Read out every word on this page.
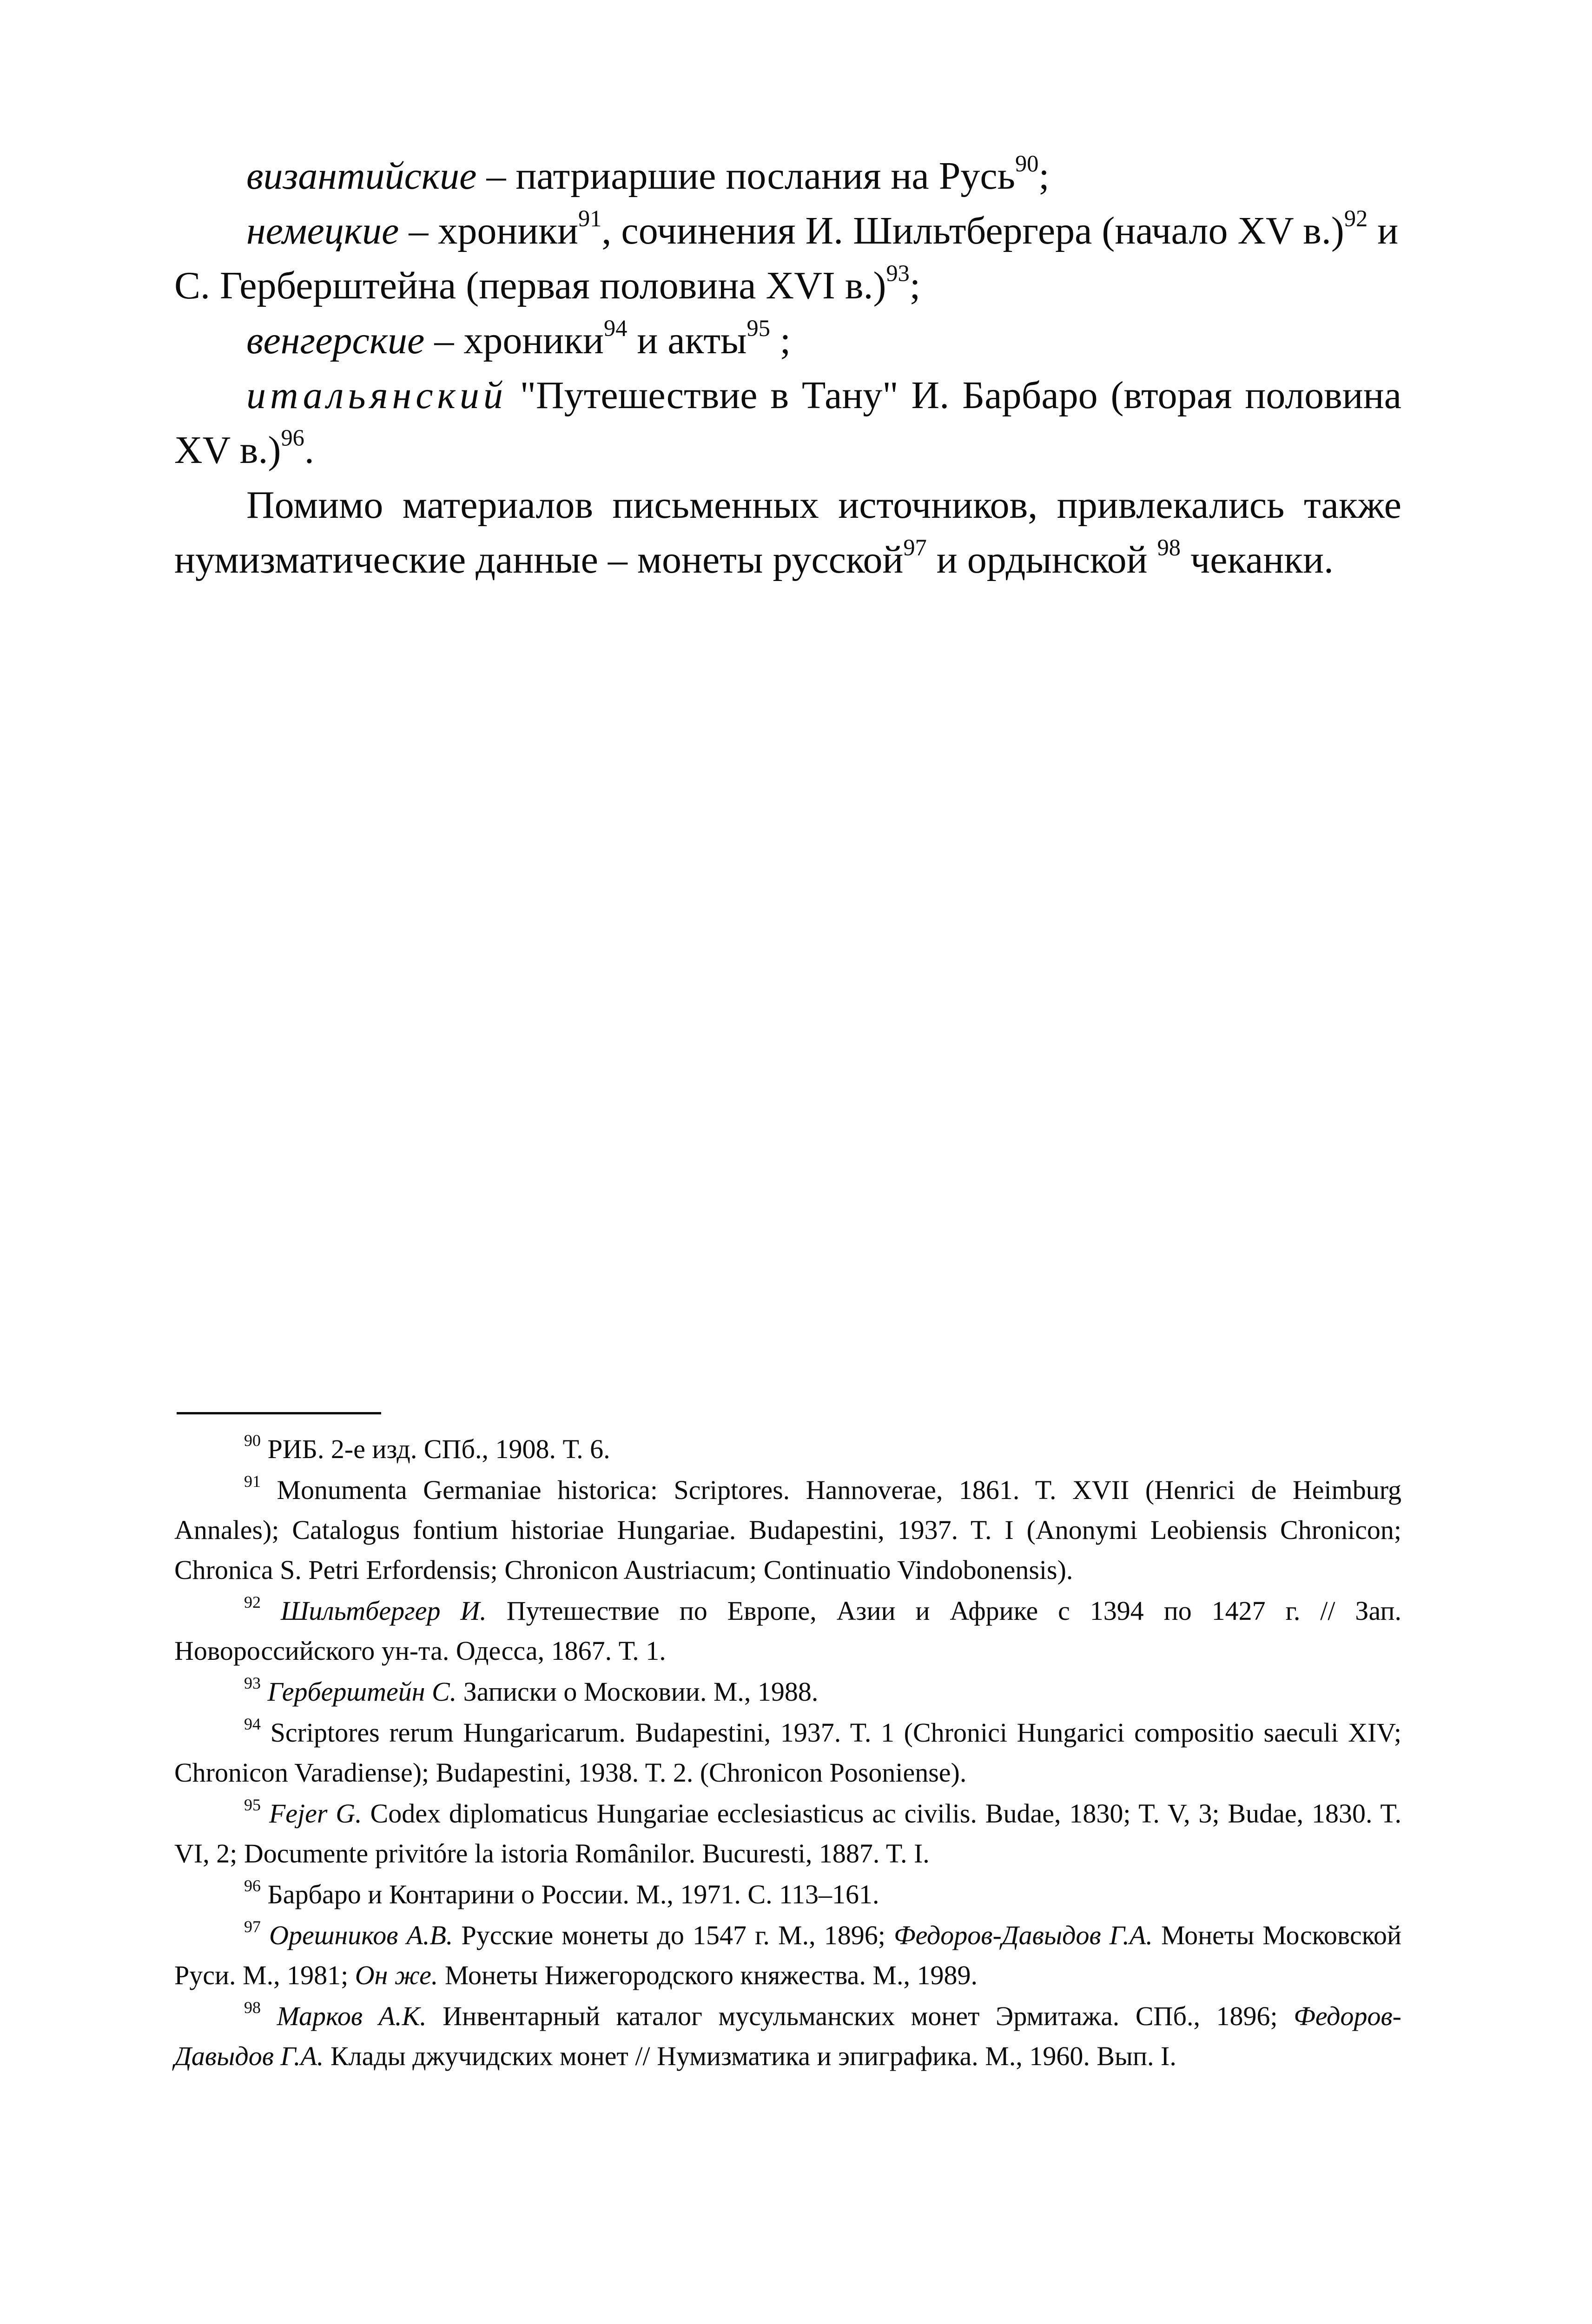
византийские – патриаршие послания на Русь$^{90}$;

немецкие – хроники$^{91}$, сочинения И. Шильтбергера (начало XV в.)$^{92}$ и С. Герберштейна (первая половина XVI в.)$^{93}$;

венгерские – хроники$^{94}$ и акты$^{95}$ ;

итальянский "Путешествие в Тану" И. Барбаро (вторая половина XV в.)$^{96}$.

Помимо материалов письменных источников, привлекались также нумизматические данные – монеты русской$^{97}$ и ордынской $^{98}$ чеканки.

$^{90}$ РИБ. 2-е изд. СПб., 1908. Т. 6.

$^{91}$ Monumenta Germaniae historica: Scriptores. Hannoverae, 1861. T. XVII (Henrici de Heimburg Annales); Catalogus fontium historiae Hungariae. Budapestini, 1937. T. I (Anonymi Leobiensis Chronicon; Chronica S. Petri Erfordensis; Chronicon Austriacum; Continuatio Vindobonensis).

$^{92}$ Шильтбергер И. Путешествие по Европе, Азии и Африке с 1394 по 1427 г. // Зап. Новороссийского ун-та. Одесса, 1867. Т. 1.

$^{93}$ Герберштейн С. Записки о Московии. М., 1988.

$^{94}$ Scriptores rerum Hungaricarum. Budapestini, 1937. T. 1 (Chronici Hungarici compositio saeculi XIV; Chronicon Varadiense); Budapestini, 1938. T. 2. (Chronicon Posoniense).

$^{95}$ Fejer G. Codex diplomaticus Hungariae ecclesiasticus ac civilis. Budae, 1830; T. V, 3; Budae, 1830. T. VI, 2; Documente privitóre la istoria Romȃnilor. Bucuresti, 1887. T. I.

$^{96}$ Барбаро и Контарини о России. М., 1971. С. 113–161.

$^{97}$ Орешников А.В. Русские монеты до 1547 г. М., 1896; Федоров-Давыдов Г.А. Монеты Московской Руси. М., 1981; Он же. Монеты Нижегородского княжества. М., 1989.

$^{98}$ Марков А.К. Инвентарный каталог мусульманских монет Эрмитажа. СПб., 1896; Федоров-Давыдов Г.А. Клады джучидских монет // Нумизматика и эпиграфика. М., 1960. Вып. I.
